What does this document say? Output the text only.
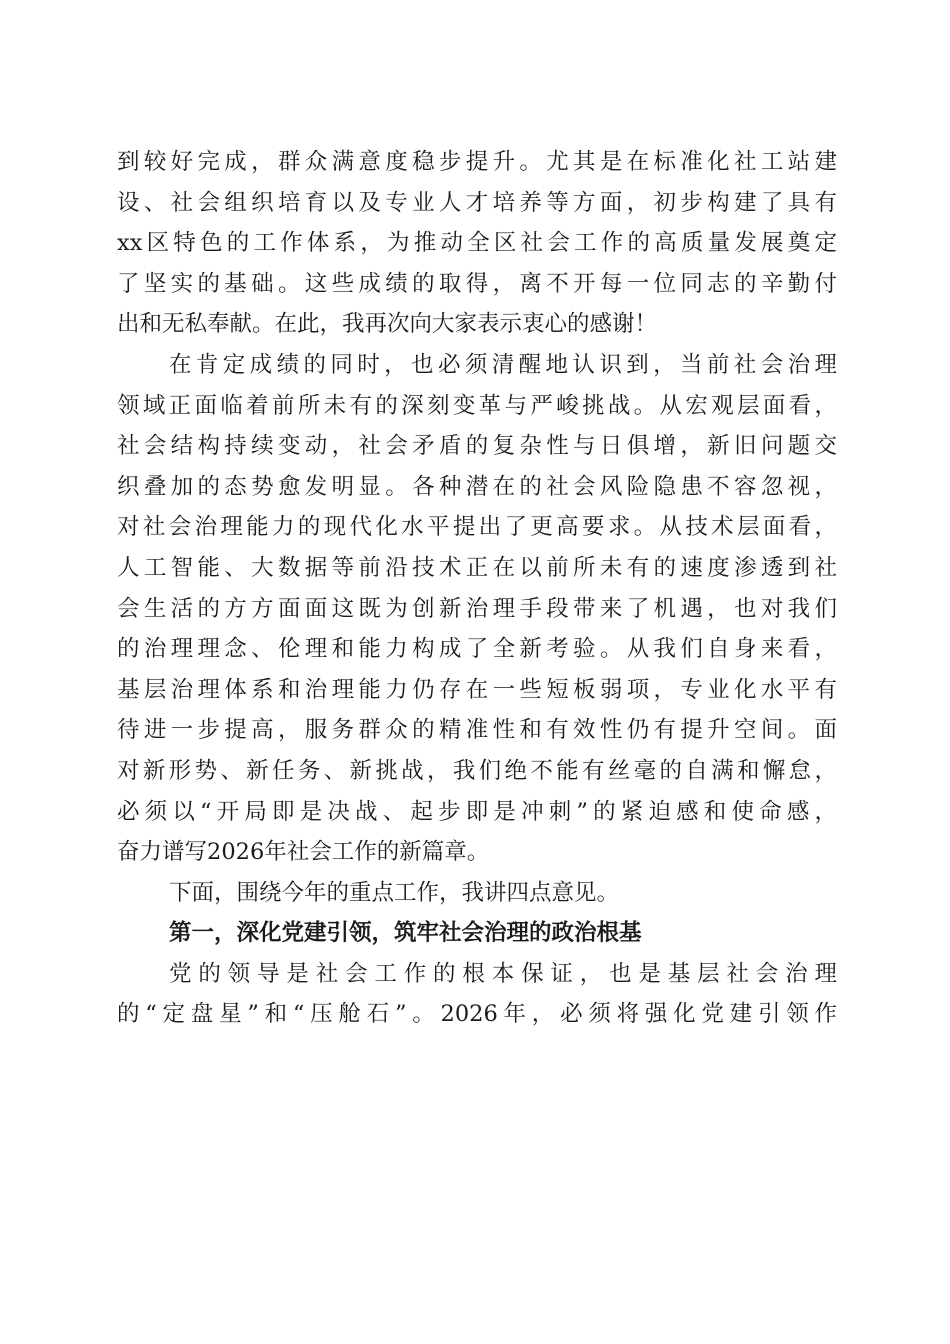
到较好完成，群众满意度稳步提升。尤其是在标准化社工站建
设、社会组织培育以及专业人才培养等方面，初步构建了具有
xx区特色的工作体系，为推动全区社会工作的高质量发展奠定
了坚实的基础。这些成绩的取得，离不开每一位同志的辛勤付
出和无私奉献。在此，我再次向大家表示衷心的感谢！
在肯定成绩的同时，也必须清醒地认识到，当前社会治理
领域正面临着前所未有的深刻变革与严峻挑战。从宏观层面看，
社会结构持续变动，社会矛盾的复杂性与日俱增，新旧问题交
织叠加的态势愈发明显。各种潜在的社会风险隐患不容忽视，
对社会治理能力的现代化水平提出了更高要求。从技术层面看，
人工智能、大数据等前沿技术正在以前所未有的速度渗透到社
会生活的方方面面这既为创新治理手段带来了机遇，也对我们
的治理理念、伦理和能力构成了全新考验。从我们自身来看，
基层治理体系和治理能力仍存在一些短板弱项，专业化水平有
待进一步提高，服务群众的精准性和有效性仍有提升空间。面
对新形势、新任务、新挑战，我们绝不能有丝毫的自满和懈怠，
必须以“开局即是决战、起步即是冲刺”的紧迫感和使命感，
奋力谱写2026年社会工作的新篇章。
下面，围绕今年的重点工作，我讲四点意见。
第一，深化党建引领，筑牢社会治理的政治根基
党的领导是社会工作的根本保证，也是基层社会治理
的“定盘星”和“压舱石”。2026年，必须将强化党建引领作
